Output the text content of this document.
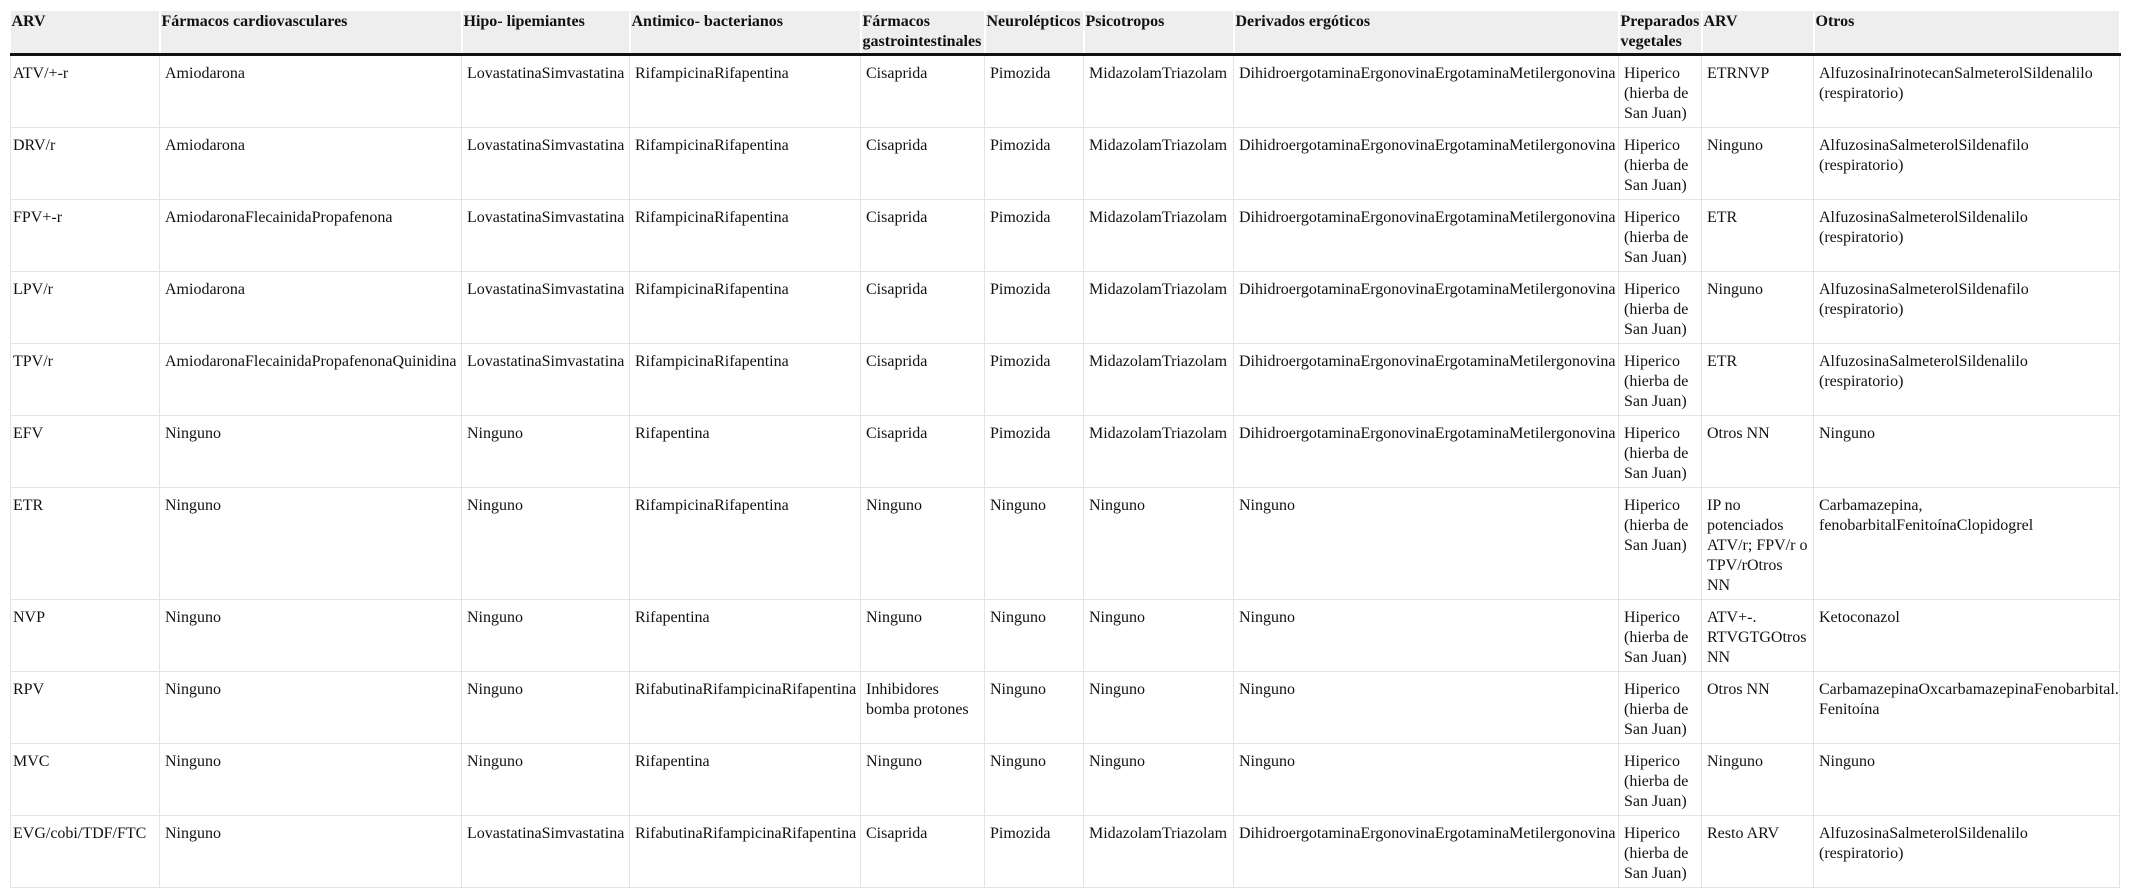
ARV	Fármacos cardiovasculares	Hipo- lipemiantes	Antimico- bacterianos	Fármacos gastrointestinales	Neurolépticos	Psicotropos	Derivados ergóticos	Preparados vegetales	ARV	Otros
ATV/+-r	Amiodarona	LovastatinaSimvastatina	RifampicinaRifapentina	Cisaprida	Pimozida	MidazolamTriazolam	DihidroergotaminaErgonovinaErgotaminaMetilergonovina	Hiperico (hierba de San Juan)	ETRNVP	AlfuzosinaIrinotecanSalmeterolSildenalilo (respiratorio)
DRV/r	Amiodarona	LovastatinaSimvastatina	RifampicinaRifapentina	Cisaprida	Pimozida	MidazolamTriazolam	DihidroergotaminaErgonovinaErgotaminaMetilergonovina	Hiperico (hierba de San Juan)	Ninguno	AlfuzosinaSalmeterolSildenafilo (respiratorio)
FPV+-r	AmiodaronaFlecainidaPropafenona	LovastatinaSimvastatina	RifampicinaRifapentina	Cisaprida	Pimozida	MidazolamTriazolam	DihidroergotaminaErgonovinaErgotaminaMetilergonovina	Hiperico (hierba de San Juan)	ETR	AlfuzosinaSalmeterolSildenalilo (respiratorio)
LPV/r	Amiodarona	LovastatinaSimvastatina	RifampicinaRifapentina	Cisaprida	Pimozida	MidazolamTriazolam	DihidroergotaminaErgonovinaErgotaminaMetilergonovina	Hiperico (hierba de San Juan)	Ninguno	AlfuzosinaSalmeterolSildenafilo (respiratorio)
TPV/r	AmiodaronaFlecainidaPropafenonaQuinidina	LovastatinaSimvastatina	RifampicinaRifapentina	Cisaprida	Pimozida	MidazolamTriazolam	DihidroergotaminaErgonovinaErgotaminaMetilergonovina	Hiperico (hierba de San Juan)	ETR	AlfuzosinaSalmeterolSildenalilo (respiratorio)
EFV	Ninguno	Ninguno	Rifapentina	Cisaprida	Pimozida	MidazolamTriazolam	DihidroergotaminaErgonovinaErgotaminaMetilergonovina	Hiperico (hierba de San Juan)	Otros NN	Ninguno
ETR	Ninguno	Ninguno	RifampicinaRifapentina	Ninguno	Ninguno	Ninguno	Ninguno	Hiperico (hierba de San Juan)	IP no potenciados ATV/r; FPV/r o TPV/rOtros NN	Carbamazepina, fenobarbitalFenitoínaClopidogrel
NVP	Ninguno	Ninguno	Rifapentina	Ninguno	Ninguno	Ninguno	Ninguno	Hiperico (hierba de San Juan)	ATV+-. RTVGTGOtros NN	Ketoconazol
RPV	Ninguno	Ninguno	RifabutinaRifampicinaRifapentina	Inhibidores bomba protones	Ninguno	Ninguno	Ninguno	Hiperico (hierba de San Juan)	Otros NN	CarbamazepinaOxcarbamazepinaFenobarbital. Fenitoína
MVC	Ninguno	Ninguno	Rifapentina	Ninguno	Ninguno	Ninguno	Ninguno	Hiperico (hierba de San Juan)	Ninguno	Ninguno
EVG/cobi/TDF/FTC	Ninguno	LovastatinaSimvastatina	RifabutinaRifampicinaRifapentina	Cisaprida	Pimozida	MidazolamTriazolam	DihidroergotaminaErgonovinaErgotaminaMetilergonovina	Hiperico (hierba de San Juan)	Resto ARV	AlfuzosinaSalmeterolSildenalilo (respiratorio)
